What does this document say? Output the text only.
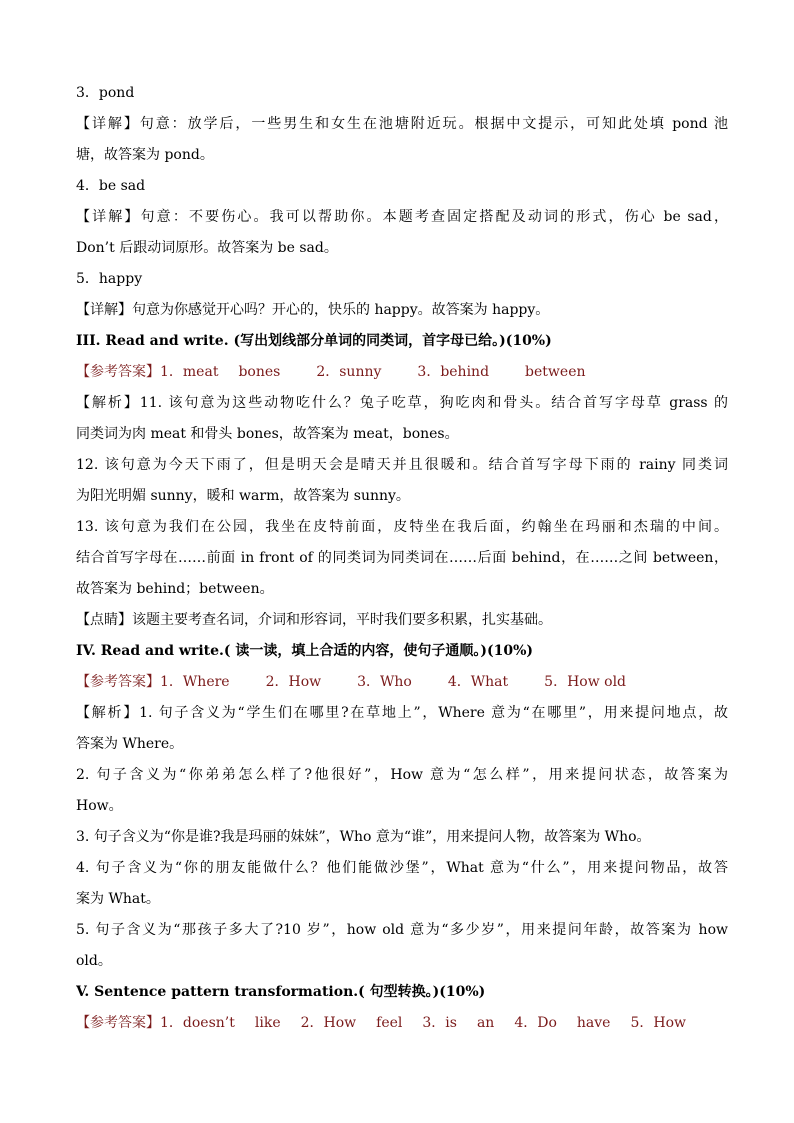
3．pond
【详解】句意：放学后，一些男生和女生在池塘附近玩。根据中文提示，可知此处填 pond 池
塘，故答案为 pond。
4．be sad
【详解】句意：不要伤心。我可以帮助你。本题考查固定搭配及动词的形式，伤心 be sad，
Don’t 后跟动词原形。故答案为 be sad。
5．happy
【详解】句意为你感觉开心吗？开心的，快乐的 happy。故答案为 happy。
III. Read and write. (写出划线部分单词的同类词，首字母已给。)(10%)
【参考答案】1．meat bones	2．sunny	3．behind	between
【解析】11. 该句意为这些动物吃什么？兔子吃草，狗吃肉和骨头。结合首写字母草 grass 的
同类词为肉 meat 和骨头 bones，故答案为 meat，bones。
12. 该句意为今天下雨了，但是明天会是晴天并且很暖和。结合首写字母下雨的 rainy 同类词
为阳光明媚 sunny，暖和 warm，故答案为 sunny。
13. 该句意为我们在公园，我坐在皮特前面，皮特坐在我后面，约翰坐在玛丽和杰瑞的中间。
结合首写字母在……前面 in front of 的同类词为同类词在……后面 behind，在……之间 between，
故答案为 behind；between。
【点睛】该题主要考查名词，介词和形容词，平时我们要多积累，扎实基础。
IV. Read and write.( 读一读，填上合适的内容，使句子通顺。)(10%)
【参考答案】1．Where	2．How	3．Who	4．What	5．How old
【解析】1. 句子含义为“学生们在哪里?在草地上”，Where 意为“在哪里”，用来提问地点，故
答案为 Where。
2. 句子含义为“你弟弟怎么样了?他很好”，How 意为“怎么样”，用来提问状态，故答案为
How。
3. 句子含义为“你是谁?我是玛丽的妹妹”，Who 意为“谁”，用来提问人物，故答案为 Who。
4. 句子含义为“你的朋友能做什么？他们能做沙堡”，What 意为“什么”，用来提问物品，故答
案为 What。
5. 句子含义为“那孩子多大了?10 岁”，how old 意为“多少岁”，用来提问年龄，故答案为 how
old。
V. Sentence pattern transformation.( 句型转换。)(10%)
【参考答案】1．doesn’t like 2．How feel 3．is an 4．Do have 5．How
